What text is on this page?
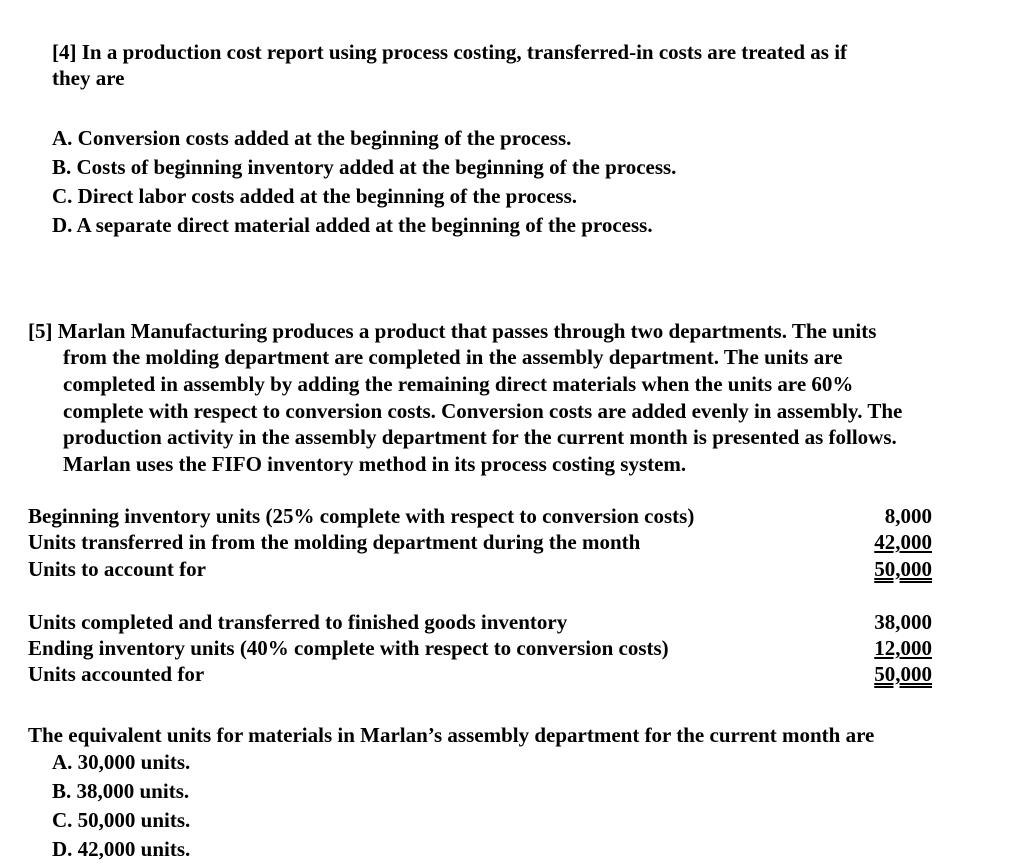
[4] In a production cost report using process costing, transferred-in costs are treated as if
they are
A. Conversion costs added at the beginning of the process.
B. Costs of beginning inventory added at the beginning of the process.
C. Direct labor costs added at the beginning of the process.
D. A separate direct material added at the beginning of the process.
[5] Marlan Manufacturing produces a product that passes through two departments. The units
from the molding department are completed in the assembly department. The units are
completed in assembly by adding the remaining direct materials when the units are 60%
complete with respect to conversion costs. Conversion costs are added evenly in assembly. The
production activity in the assembly department for the current month is presented as follows.
Marlan uses the FIFO inventory method in its process costing system.
Beginning inventory units (25% complete with respect to conversion costs)	8,000
Units transferred in from the molding department during the month	42,000
Units to account for	50,000
Units completed and transferred to finished goods inventory	38,000
Ending inventory units (40% complete with respect to conversion costs)	12,000
Units accounted for	50,000
The equivalent units for materials in Marlan’s assembly department for the current month are
A. 30,000 units.
B. 38,000 units.
C. 50,000 units.
D. 42,000 units.
